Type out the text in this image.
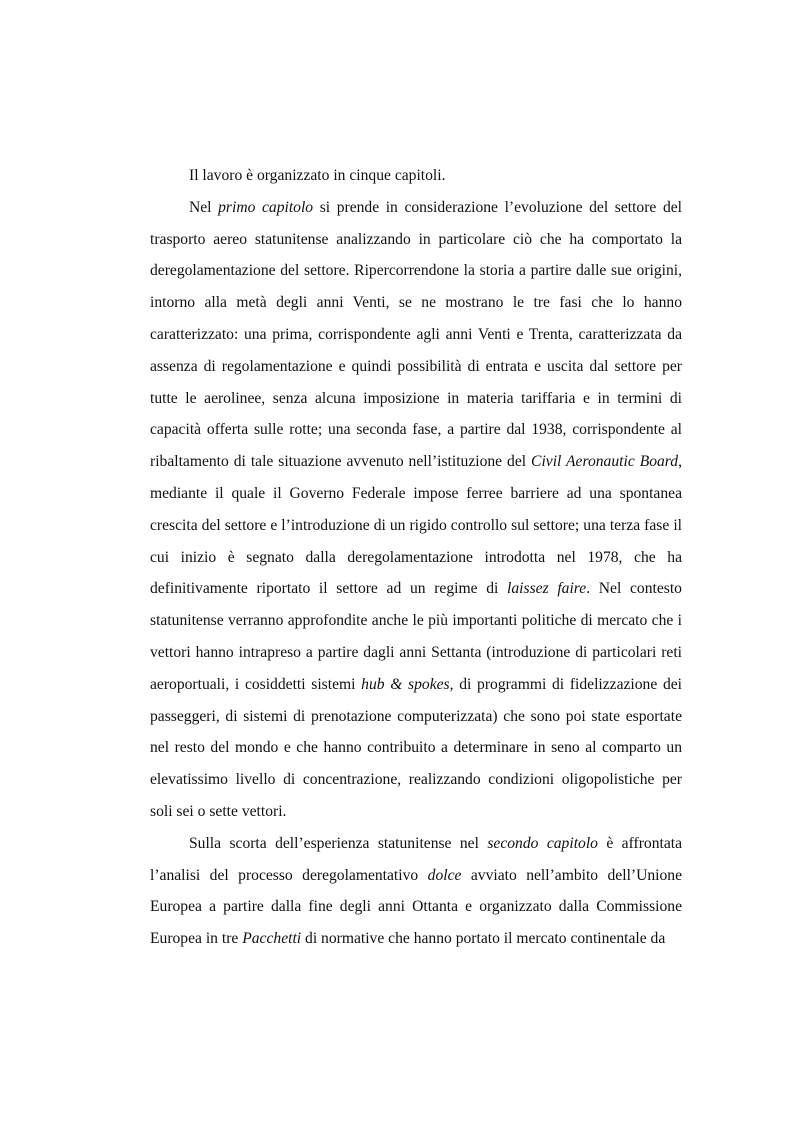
Il lavoro è organizzato in cinque capitoli.

Nel primo capitolo si prende in considerazione l’evoluzione del settore del trasporto aereo statunitense analizzando in particolare ciò che ha comportato la deregolamentazione del settore. Ripercorrendone la storia a partire dalle sue origini, intorno alla metà degli anni Venti, se ne mostrano le tre fasi che lo hanno caratterizzato: una prima, corrispondente agli anni Venti e Trenta, caratterizzata da assenza di regolamentazione e quindi possibilità di entrata e uscita dal settore per tutte le aerolinee, senza alcuna imposizione in materia tariffaria e in termini di capacità offerta sulle rotte; una seconda fase, a partire dal 1938, corrispondente al ribaltamento di tale situazione avvenuto nell’istituzione del Civil Aeronautic Board, mediante il quale il Governo Federale impose ferree barriere ad una spontanea crescita del settore e l’introduzione di un rigido controllo sul settore; una terza fase il cui inizio è segnato dalla deregolamentazione introdotta nel 1978, che ha definitivamente riportato il settore ad un regime di laissez faire. Nel contesto statunitense verranno approfondite anche le più importanti politiche di mercato che i vettori hanno intrapreso a partire dagli anni Settanta (introduzione di particolari reti aeroportuali, i cosiddetti sistemi hub & spokes, di programmi di fidelizzazione dei passeggeri, di sistemi di prenotazione computerizzata) che sono poi state esportate nel resto del mondo e che hanno contribuito a determinare in seno al comparto un elevatissimo livello di concentrazione, realizzando condizioni oligopolistiche per soli sei o sette vettori.

Sulla scorta dell’esperienza statunitense nel secondo capitolo è affrontata l’analisi del processo deregolamentativo dolce avviato nell’ambito dell’Unione Europea a partire dalla fine degli anni Ottanta e organizzato dalla Commissione Europea in tre Pacchetti di normative che hanno portato il mercato continentale da
